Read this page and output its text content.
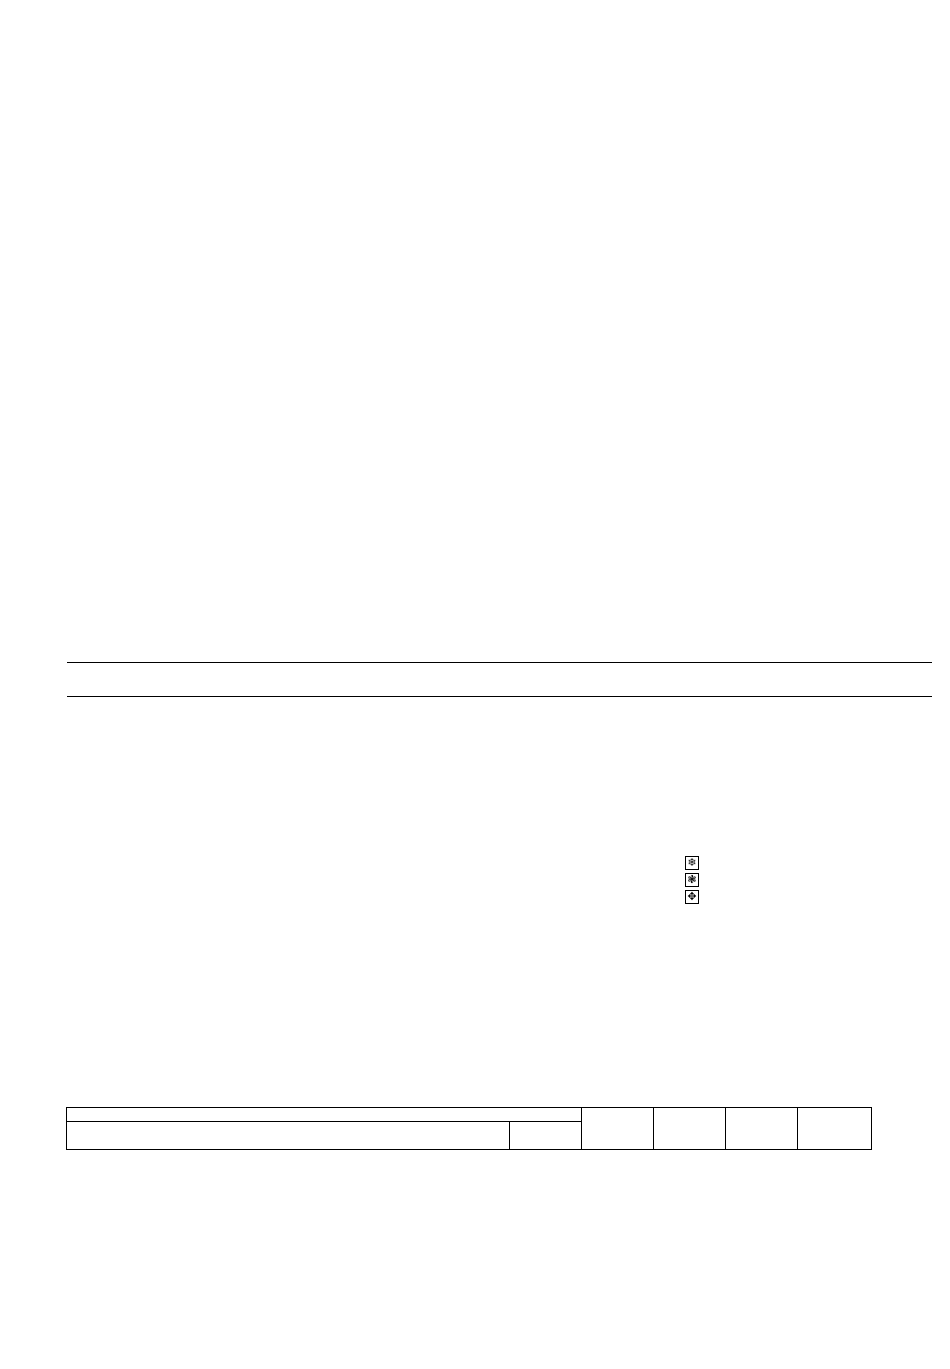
❄
❃
✥
